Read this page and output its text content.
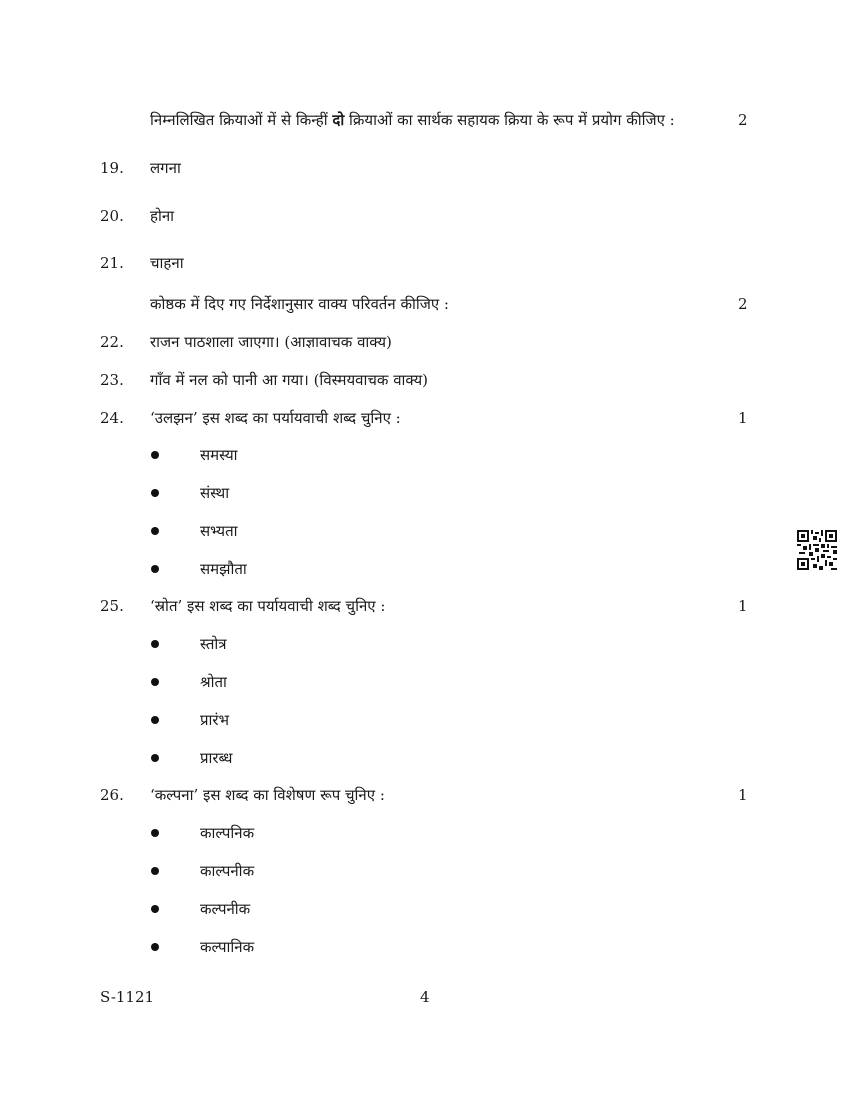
निम्नलिखित क्रियाओं में से किन्हीं दो क्रियाओं का सार्थक सहायक क्रिया के रूप में प्रयोग कीजिए :	2
19. लगना
20. होना
21. चाहना
कोष्ठक में दिए गए निर्देशानुसार वाक्य परिवर्तन कीजिए :	2
22. राजन पाठशाला जाएगा। (आज्ञावाचक वाक्य)
23. गाँव में नल को पानी आ गया। (विस्मयवाचक वाक्य)
24. ‘उलझन’ इस शब्द का पर्यायवाची शब्द चुनिए :	1
समस्या
संस्था
सभ्यता
समझौता
25. ‘स्रोत’ इस शब्द का पर्यायवाची शब्द चुनिए :	1
स्तोत्र
श्रोता
प्रारंभ
प्रारब्ध
26. ‘कल्पना’ इस शब्द का विशेषण रूप चुनिए :	1
काल्पनिक
काल्पनीक
कल्पनीक
कल्पानिक
S-1121	4
